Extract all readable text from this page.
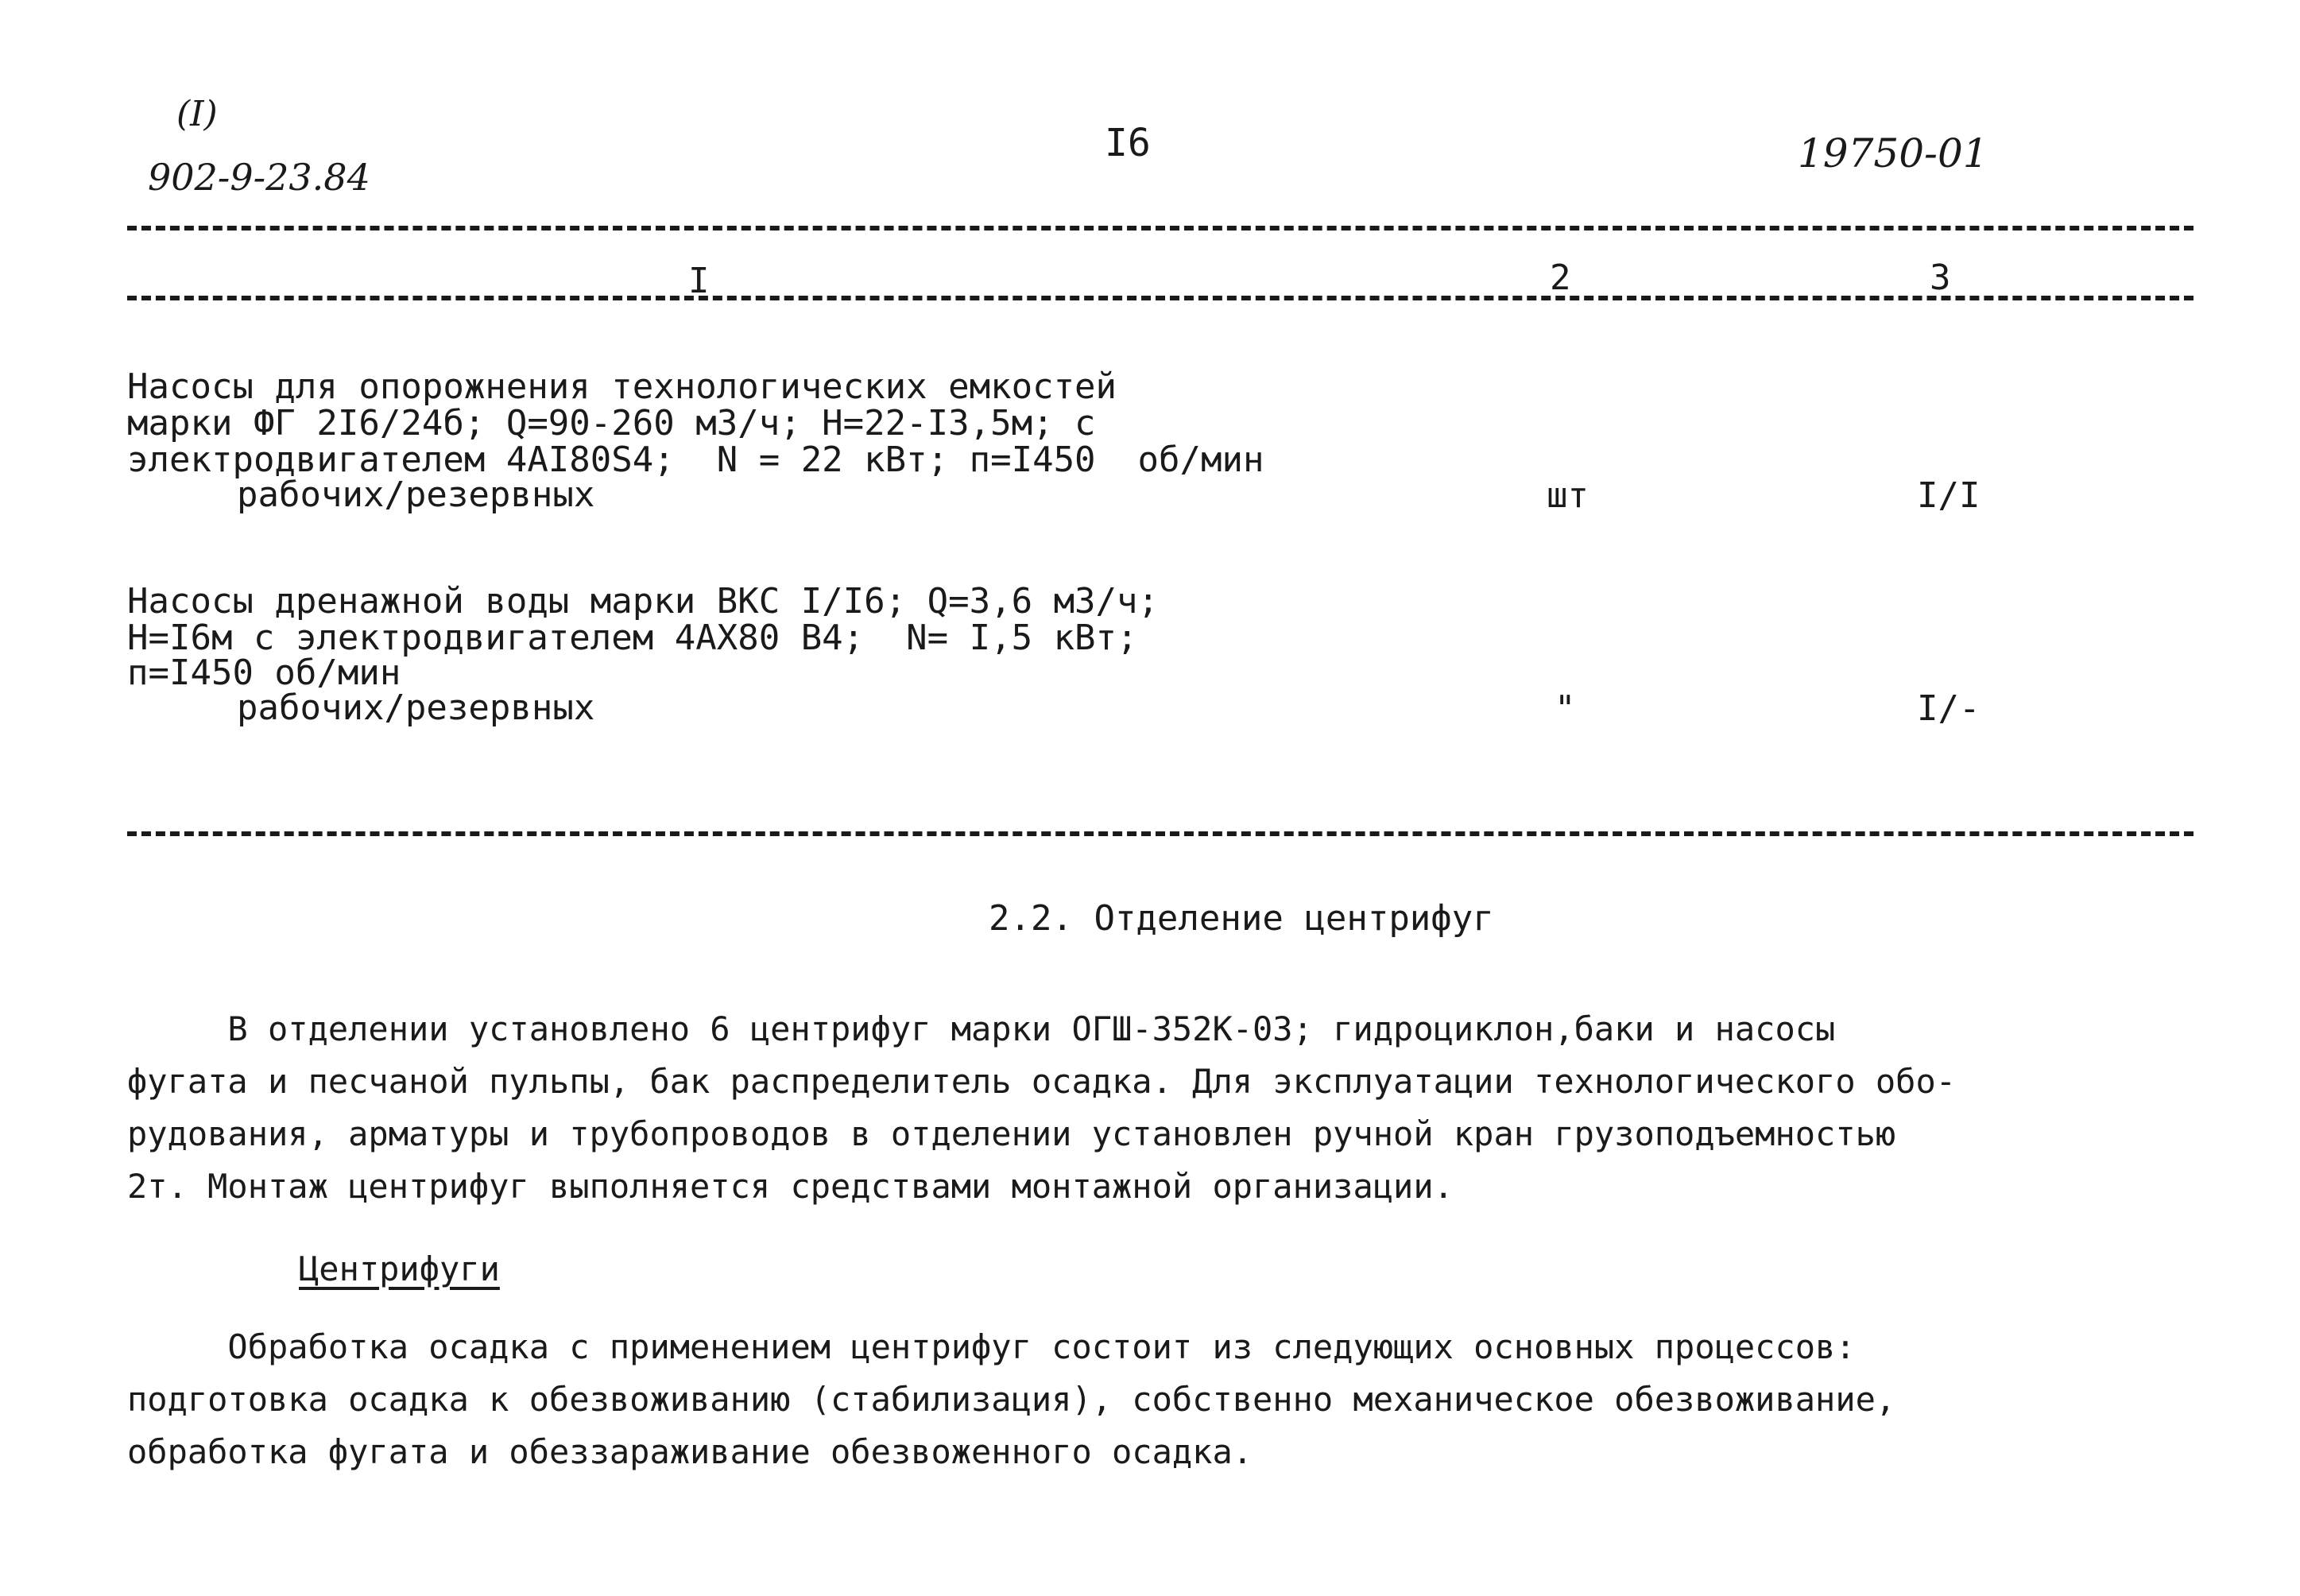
(I)
902-9-23.84
I6	19750-01
I	2	3
Насосы для опорожнения технологических емкостей
марки ФГ 2I6/24б; Q=90-260 м3/ч; Н=22-I3,5м; с
электродвигателем 4АI80S4;  N = 22 кВт; п=I450  об/мин
рабочих/резервных	шт	I/I
Насосы дренажной воды марки ВКС I/I6; Q=3,6 м3/ч;
Н=I6м с электродвигателем 4АХ80 В4;  N= I,5 кВт;
п=I450 об/мин
рабочих/резервных	"	I/-
2.2. Отделение центрифуг
В отделении установлено 6 центрифуг марки ОГШ-352К-03; гидроциклон,баки и насосы
фугата и песчаной пульпы, бак распределитель осадка. Для эксплуатации технологического обо-
рудования, арматуры и трубопроводов в отделении установлен ручной кран грузоподъемностью
2т. Монтаж центрифуг выполняется средствами монтажной организации.
Центрифуги
Обработка осадка с применением центрифуг состоит из следующих основных процессов:
подготовка осадка к обезвоживанию (стабилизация), собственно механическое обезвоживание,
обработка фугата и обеззараживание обезвоженного осадка.
